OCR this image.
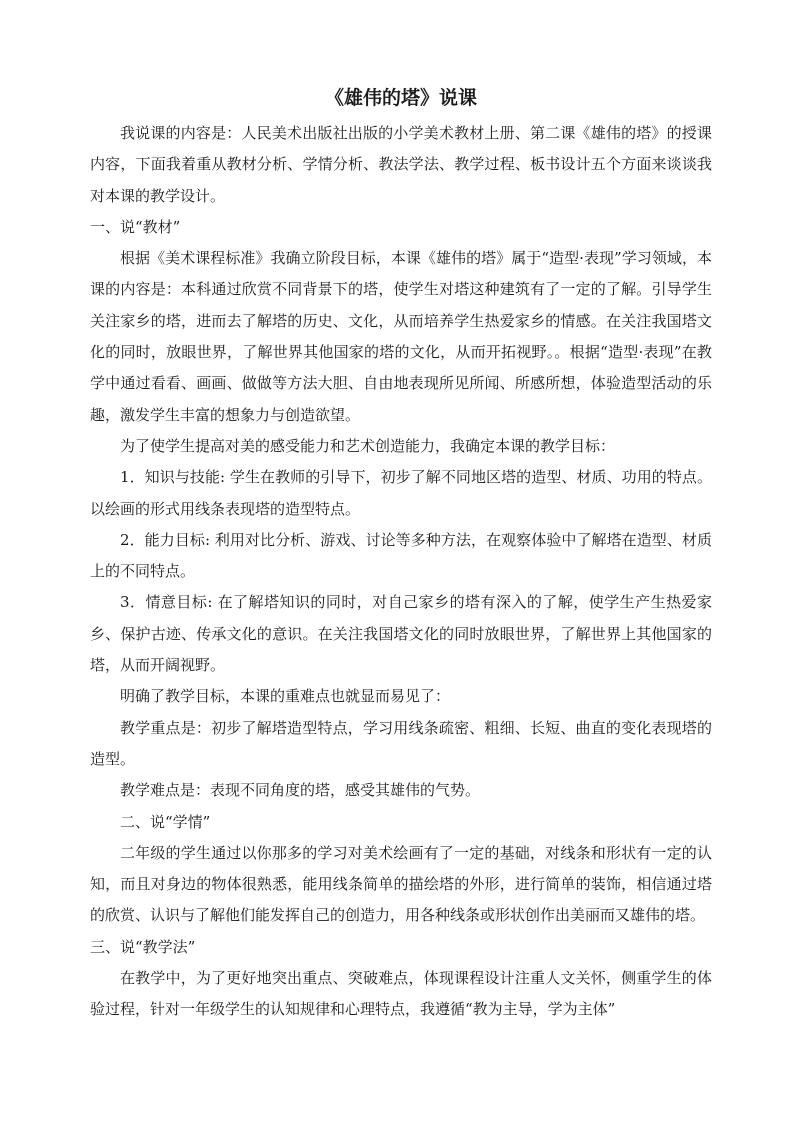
《雄伟的塔》说课

我说课的内容是：人民美术出版社出版的小学美术教材上册、第二课《雄伟的塔》的授课内容，下面我着重从教材分析、学情分析、教法学法、教学过程、板书设计五个方面来谈谈我对本课的教学设计。

一、说“教材”

根据《美术课程标准》我确立阶段目标，本课《雄伟的塔》属于“造型·表现”学习领域，本课的内容是：本科通过欣赏不同背景下的塔，使学生对塔这种建筑有了一定的了解。引导学生关注家乡的塔，进而去了解塔的历史、文化，从而培养学生热爱家乡的情感。在关注我国塔文化的同时，放眼世界，了解世界其他国家的塔的文化，从而开拓视野。。根据“造型·表现”在教学中通过看看、画画、做做等方法大胆、自由地表现所见所闻、所感所想，体验造型活动的乐趣，激发学生丰富的想象力与创造欲望。

为了使学生提高对美的感受能力和艺术创造能力，我确定本课的教学目标：

1．知识与技能: 学生在教师的引导下，初步了解不同地区塔的造型、材质、功用的特点。以绘画的形式用线条表现塔的造型特点。

2．能力目标: 利用对比分析、游戏、讨论等多种方法，在观察体验中了解塔在造型、材质上的不同特点。

3．情意目标: 在了解塔知识的同时，对自己家乡的塔有深入的了解，使学生产生热爱家乡、保护古迹、传承文化的意识。在关注我国塔文化的同时放眼世界，了解世界上其他国家的塔，从而开阔视野。

明确了教学目标，本课的重难点也就显而易见了：

教学重点是：初步了解塔造型特点，学习用线条疏密、粗细、长短、曲直的变化表现塔的造型。

教学难点是：表现不同角度的塔，感受其雄伟的气势。

二、说“学情”

二年级的学生通过以你那多的学习对美术绘画有了一定的基础，对线条和形状有一定的认知，而且对身边的物体很熟悉，能用线条简单的描绘塔的外形，进行简单的装饰，相信通过塔的欣赏、认识与了解他们能发挥自己的创造力，用各种线条或形状创作出美丽而又雄伟的塔。

三、说“教学法”

在教学中，为了更好地突出重点、突破难点，体现课程设计注重人文关怀，侧重学生的体验过程，针对一年级学生的认知规律和心理特点，我遵循“教为主导，学为主体”
